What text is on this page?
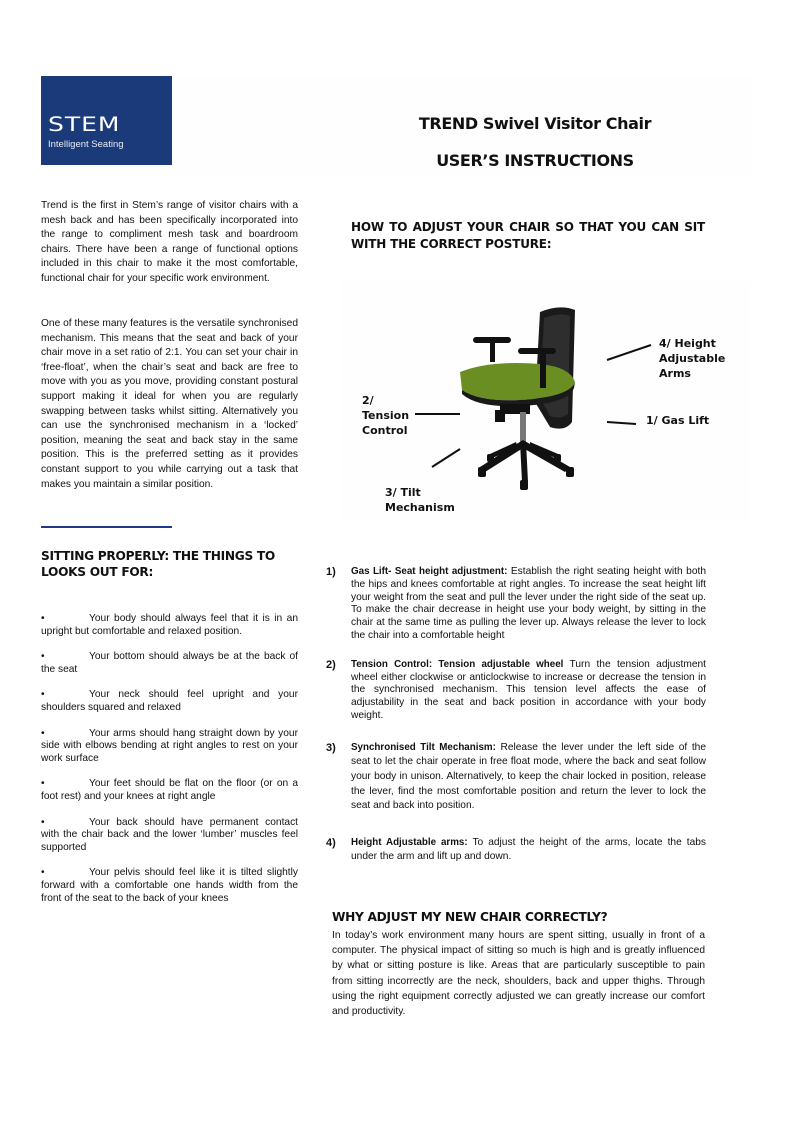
STEM
Intelligent Seating
TREND Swivel Visitor Chair
USER’S INSTRUCTIONS
Trend is the first in Stem’s range of visitor chairs with a mesh back and has been specifically incorporated into the range to compliment mesh task and boardroom chairs. There have been a range of functional options included in this chair to make it the most comfortable, functional chair for your specific work environment.
One of these many features is the versatile synchronised mechanism. This means that the seat and back of your chair move in a set ratio of 2:1. You can set your chair in ‘free-float’, when the chair’s seat and back are free to move with you as you move, providing constant postural support making it ideal for when you are regularly swapping between tasks whilst sitting. Alternatively you can use the synchronised mechanism in a ‘locked’ position, meaning the seat and back stay in the same position. This is the preferred setting as it provides constant support to you while carrying out a task that makes you maintain a similar position.
SITTING PROPERLY: THE THINGS TO LOOKS OUT FOR:
•	Your body should always feel that it is in an upright but comfortable and relaxed position.
•	Your bottom should always be at the back of the seat
•	Your neck should feel upright and your shoulders squared and relaxed
•	Your arms should hang straight down by your side with elbows bending at right angles to rest on your work surface
•	Your feet should be flat on the floor (or on a foot rest) and your knees at right angle
•	Your back should have permanent contact with the chair back and the lower ‘lumber’ muscles feel supported
•	Your pelvis should feel like it is tilted slightly forward with a comfortable one hands width from the front of the seat to the back of your knees
HOW TO ADJUST YOUR CHAIR SO THAT YOU CAN SIT WITH THE CORRECT POSTURE:
4/ Height
Adjustable
Arms
2/
Tension
Control
1/ Gas Lift
3/ Tilt
Mechanism
1) Gas Lift- Seat height adjustment: Establish the right seating height with both the hips and knees comfortable at right angles. To increase the seat height lift your weight from the seat and pull the lever under the right side of the seat up. To make the chair decrease in height use your body weight, by sitting in the chair at the same time as pulling the lever up. Always release the lever to lock the chair into a comfortable height
2) Tension Control: Tension adjustable wheel Turn the tension adjustment wheel either clockwise or anticlockwise to increase or decrease the tension in the synchronised mechanism. This tension level affects the ease of adjustability in the seat and back position in accordance with your body weight.
3) Synchronised Tilt Mechanism: Release the lever under the left side of the seat to let the chair operate in free float mode, where the back and seat follow your body in unison. Alternatively, to keep the chair locked in position, release the lever, find the most comfortable position and return the lever to lock the seat and back into position.
4) Height Adjustable arms: To adjust the height of the arms, locate the tabs under the arm and lift up and down.
WHY ADJUST MY NEW CHAIR CORRECTLY?
In today’s work environment many hours are spent sitting, usually in front of a computer. The physical impact of sitting so much is high and is greatly influenced by what or sitting posture is like. Areas that are particularly susceptible to pain from sitting incorrectly are the neck, shoulders, back and upper thighs. Through using the right equipment correctly adjusted we can greatly increase our comfort and productivity.
